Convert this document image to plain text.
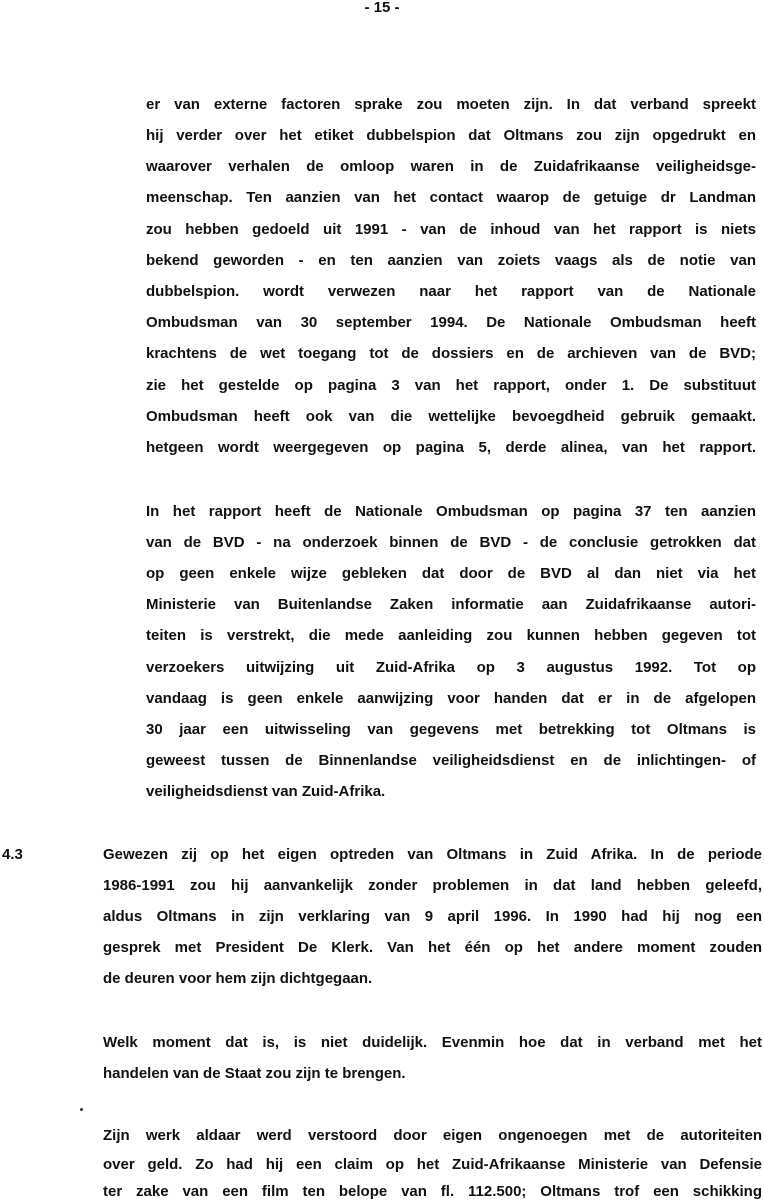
- 15 -
er van externe factoren sprake zou moeten zijn. In dat verband spreekt
hij verder over het etiket dubbelspion dat Oltmans zou zijn opgedrukt en
waarover verhalen de omloop waren in de Zuidafrikaanse veiligheidsge-
meenschap. Ten aanzien van het contact waarop de getuige dr Landman
zou hebben gedoeld uit 1991 - van de inhoud van het rapport is niets
bekend geworden - en ten aanzien van zoiets vaags als de notie van
dubbelspion. wordt verwezen naar het rapport van de Nationale
Ombudsman van 30 september 1994. De Nationale Ombudsman heeft
krachtens de wet toegang tot de dossiers en de archieven van de BVD;
zie het gestelde op pagina 3 van het rapport, onder 1. De substituut
Ombudsman heeft ook van die wettelijke bevoegdheid gebruik gemaakt.
hetgeen wordt weergegeven op pagina 5, derde alinea, van het rapport.
In het rapport heeft de Nationale Ombudsman op pagina 37 ten aanzien
van de BVD - na onderzoek binnen de BVD - de conclusie getrokken dat
op geen enkele wijze gebleken dat door de BVD al dan niet via het
Ministerie van Buitenlandse Zaken informatie aan Zuidafrikaanse autori-
teiten is verstrekt, die mede aanleiding zou kunnen hebben gegeven tot
verzoekers uitwijzing uit Zuid-Afrika op 3 augustus 1992. Tot op
vandaag is geen enkele aanwijzing voor handen dat er in de afgelopen
30 jaar een uitwisseling van gegevens met betrekking tot Oltmans is
geweest tussen de Binnenlandse veiligheidsdienst en de inlichtingen- of
veiligheidsdienst van Zuid-Afrika.
4.3	Gewezen zij op het eigen optreden van Oltmans in Zuid Afrika. In de periode
1986-1991 zou hij aanvankelijk zonder problemen in dat land hebben geleefd,
aldus Oltmans in zijn verklaring van 9 april 1996. In 1990 had hij nog een
gesprek met President De Klerk. Van het één op het andere moment zouden
de deuren voor hem zijn dichtgegaan.
Welk moment dat is, is niet duidelijk. Evenmin hoe dat in verband met het
handelen van de Staat zou zijn te brengen.
Zijn werk aldaar werd verstoord door eigen ongenoegen met de autoriteiten
over geld. Zo had hij een claim op het Zuid-Afrikaanse Ministerie van Defensie
ter zake van een film ten belope van fl. 112.500; Oltmans trof een schikking
